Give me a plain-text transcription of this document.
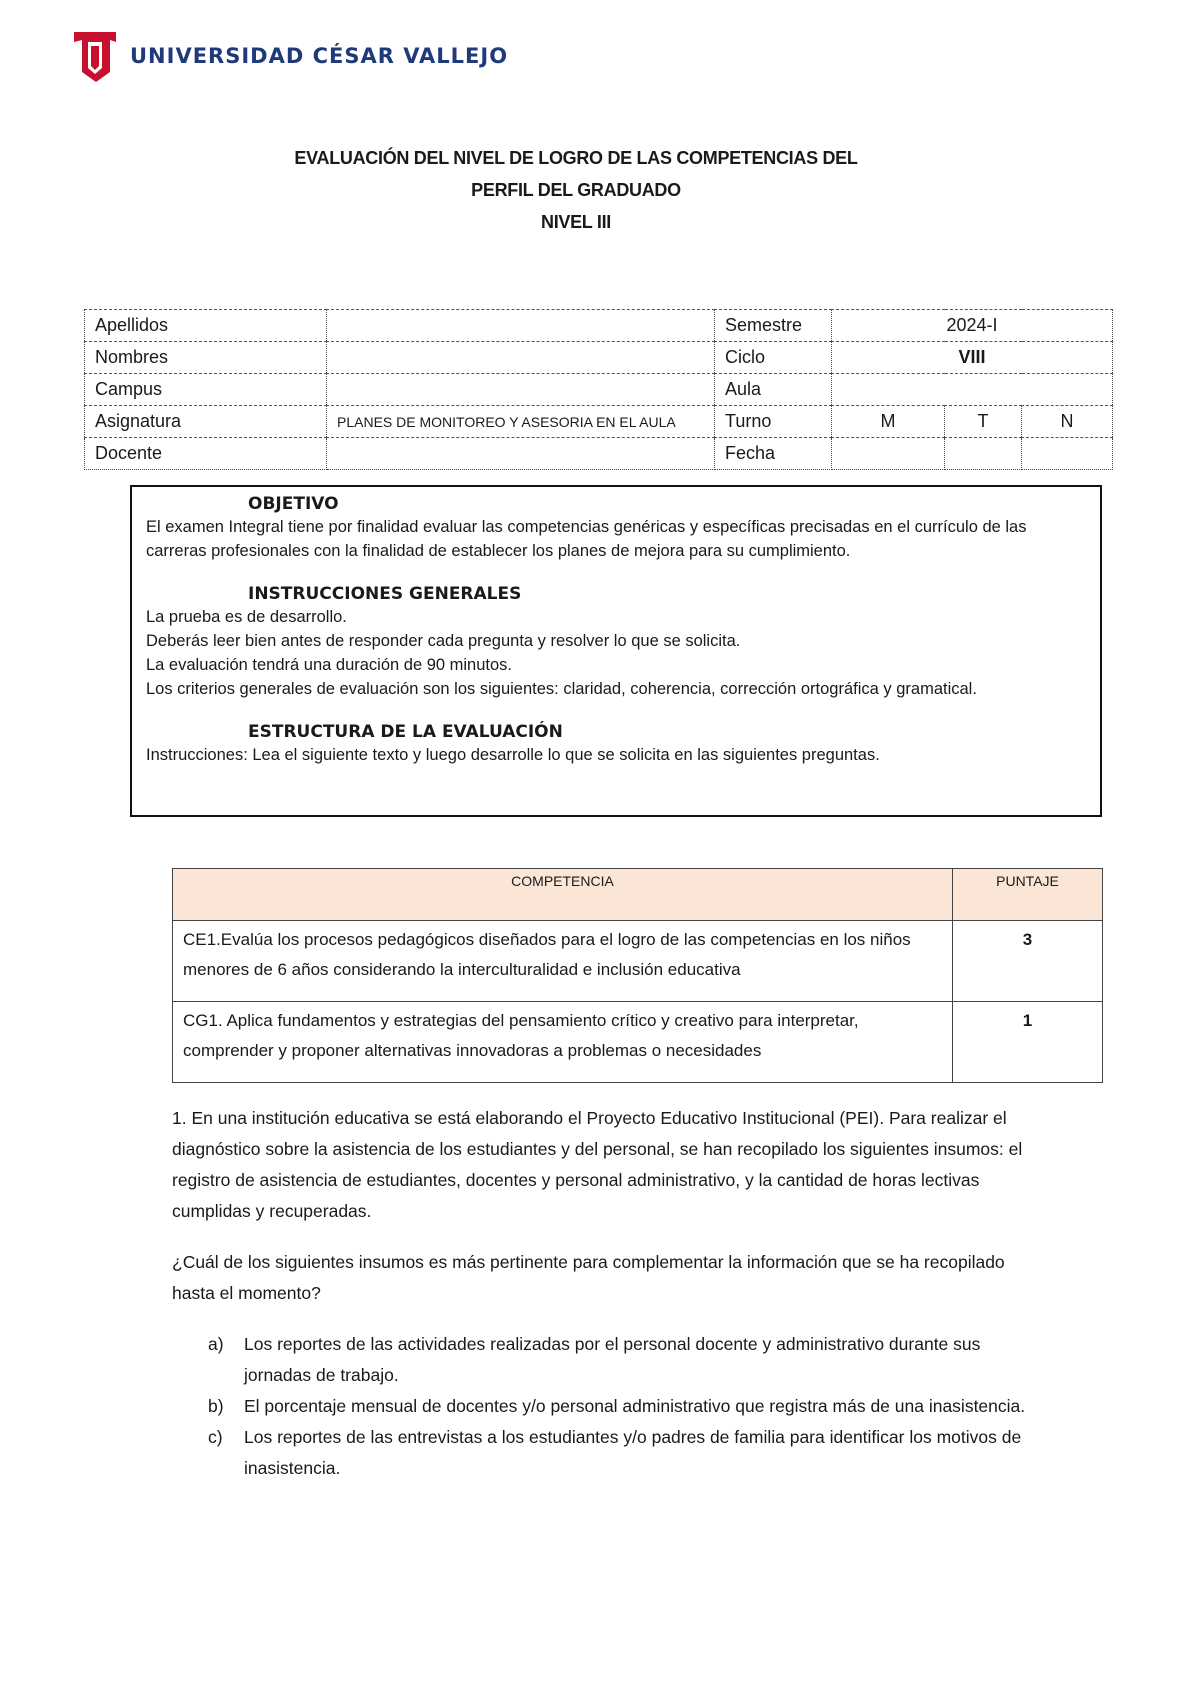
UNIVERSIDAD CÉSAR VALLEJO
EVALUACIÓN DEL NIVEL DE LOGRO DE LAS COMPETENCIAS DEL
PERFIL DEL GRADUADO
NIVEL III
Apellidos		Semestre	2024-I		
Nombres		Ciclo	VIII		
Campus		Aula			
Asignatura	PLANES DE MONITOREO Y ASESORIA EN EL AULA	Turno	M	T	N
Docente		Fecha			
OBJETIVO

El examen Integral tiene por finalidad evaluar las competencias genéricas y específicas precisadas en el currículo de las carreras profesionales con la finalidad de establecer los planes de mejora para su cumplimiento.

INSTRUCCIONES GENERALES

La prueba es de desarrollo.

Deberás leer bien antes de responder cada pregunta y resolver lo que se solicita.

La evaluación tendrá una duración de 90 minutos.

Los criterios generales de evaluación son los siguientes: claridad, coherencia, corrección ortográfica y gramatical.

ESTRUCTURA DE LA EVALUACIÓN

Instrucciones: Lea el siguiente texto y luego desarrolle lo que se solicita en las siguientes preguntas.

COMPETENCIA	PUNTAJE
CE1.Evalúa los procesos pedagógicos diseñados para el logro de las competencias en los niños menores de 6 años considerando la interculturalidad e inclusión educativa	3
CG1. Aplica fundamentos y estrategias del pensamiento crítico y creativo para interpretar, comprender y proponer alternativas innovadoras a problemas o necesidades	1

1. En una institución educativa se está elaborando el Proyecto Educativo Institucional (PEI). Para realizar el diagnóstico sobre la asistencia de los estudiantes y del personal, se han recopilado los siguientes insumos: el registro de asistencia de estudiantes, docentes y personal administrativo, y la cantidad de horas lectivas cumplidas y recuperadas.

¿Cuál de los siguientes insumos es más pertinente para complementar la información que se ha recopilado hasta el momento?

a)	Los reportes de las actividades realizadas por el personal docente y administrativo durante sus jornadas de trabajo.
b)	El porcentaje mensual de docentes y/o personal administrativo que registra más de una inasistencia.
c)	Los reportes de las entrevistas a los estudiantes y/o padres de familia para identificar los motivos de inasistencia.
